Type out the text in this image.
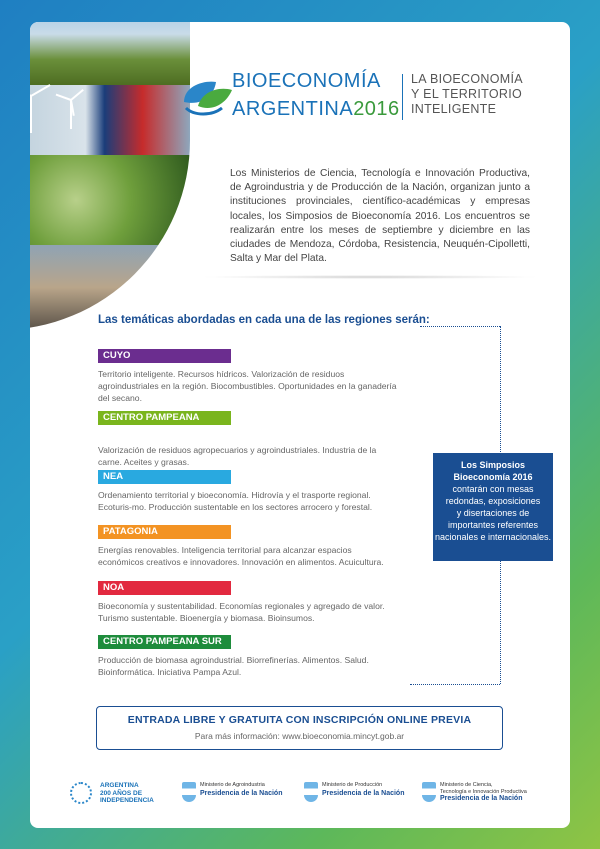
BIOECONOMÍA
ARGENTINA2016
LA BIOECONOMÍA
Y EL TERRITORIO
INTELIGENTE
Los Ministerios de Ciencia, Tecnología e Innovación Productiva, de Agroindustria y de Producción de la Nación, organizan junto a instituciones provinciales, científico-académicas y empresas locales, los Simposios de Bioeconomía 2016. Los encuentros se realizarán entre los meses de septiembre y diciembre en las ciudades de Mendoza, Córdoba, Resistencia, Neuquén-Cipolletti, Salta y Mar del Plata.
Las temáticas abordadas en cada una de las regiones serán:
CUYO
Territorio inteligente. Recursos hídricos. Valorización de residuos agroindustriales en la región. Biocombustibles. Oportunidades en la ganadería del secano.
CENTRO PAMPEANA NORTE
Valorización de residuos agropecuarios y agroindustriales. Industria de la carne. Aceites y grasas.
NEA
Ordenamiento territorial y bioeconomía. Hidrovía y el trasporte regional. Ecoturis-mo. Producción sustentable en los sectores arrocero y forestal.
PATAGONIA
Energías renovables. Inteligencia territorial para alcanzar espacios económicos creativos e innovadores. Innovación en alimentos. Acuicultura.
NOA
Bioeconomía y sustentabilidad. Economías regionales y agregado de valor. Turismo sustentable. Bioenergía y biomasa. Bioinsumos.
CENTRO PAMPEANA SUR
Producción de biomasa agroindustrial. Biorrefinerías. Alimentos. Salud. Bioinformática. Iniciativa Pampa Azul.
Los Simposios
Bioeconomía 2016
contarán con mesas
redondas, exposiciones
y disertaciones de
importantes referentes
nacionales e internacionales.
ENTRADA LIBRE Y GRATUITA CON INSCRIPCIÓN ONLINE PREVIA
Para más información: www.bioeconomia.mincyt.gob.ar
ARGENTINA
200 AÑOS DE
INDEPENDENCIA
Ministerio de Agroindustria
Presidencia de la Nación
Ministerio de Producción
Presidencia de la Nación
Ministerio de Ciencia,
Tecnología e Innovación Productiva
Presidencia de la Nación
